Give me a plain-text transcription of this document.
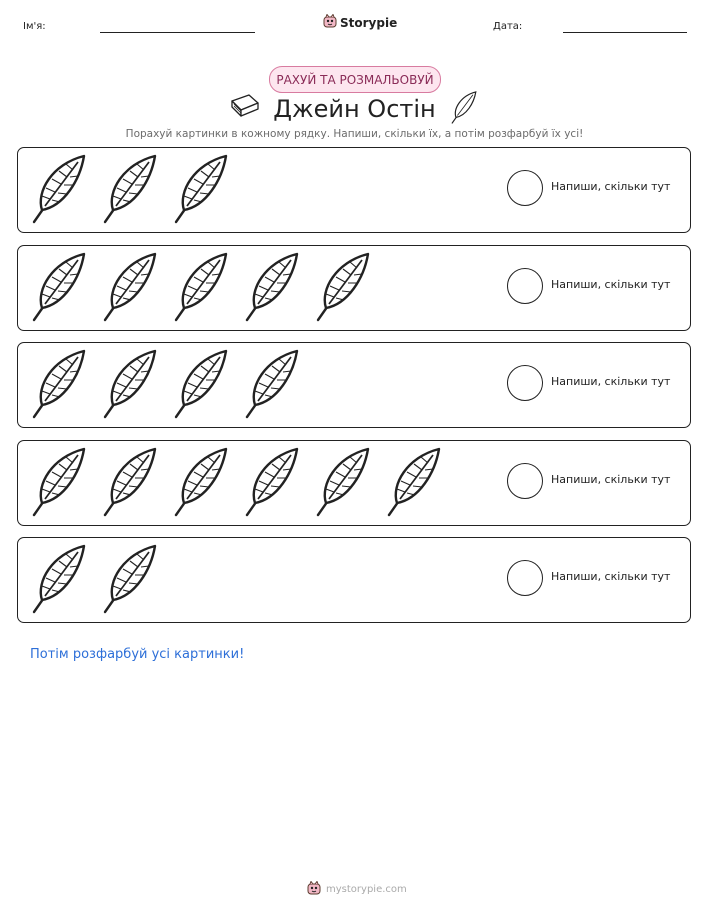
Ім'я:	Storypie	Дата:
РАХУЙ ТА РОЗМАЛЬОВУЙ
Джейн Остін
Порахуй картинки в кожному рядку. Напиши, скільки їх, а потім розфарбуй їх усі!
Напиши, скільки тут
Напиши, скільки тут
Напиши, скільки тут
Напиши, скільки тут
Напиши, скільки тут
Потім розфарбуй усі картинки!
mystorypie.com
